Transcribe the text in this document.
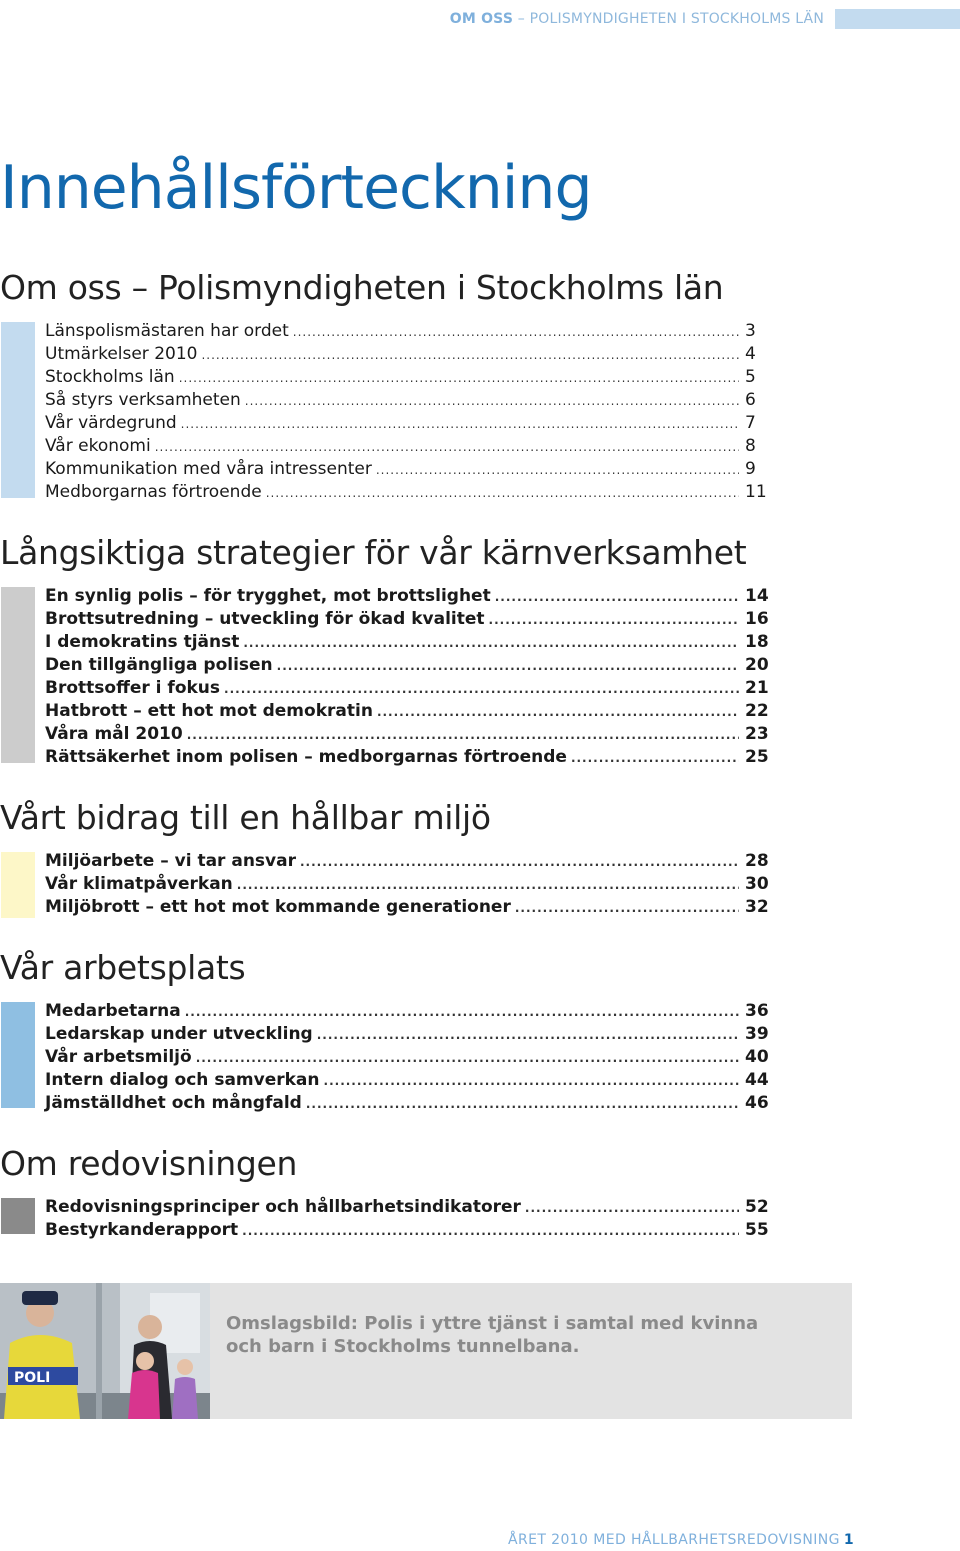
OM OSS – POLISMYNDIGHETEN I STOCKHOLMS LÄN
Innehållsförteckning
Om oss – Polismyndigheten i Stockholms län
Länspolismästaren har ordet .....	3
Utmärkelser 2010 .....	4
Stockholms län .....	5
Så styrs verksamheten .....	6
Vår värdegrund .....	7
Vår ekonomi .....	8
Kommunikation med våra intressenter .....	9
Medborgarnas förtroende .....	11
Långsiktiga strategier för vår kärnverksamhet
En synlig polis – för trygghet, mot brottslighet .....	14
Brottsutredning – utveckling för ökad kvalitet .....	16
I demokratins tjänst .....	18
Den tillgängliga polisen .....	20
Brottsoffer i fokus .....	21
Hatbrott – ett hot mot demokratin .....	22
Våra mål 2010 .....	23
Rättsäkerhet inom polisen – medborgarnas förtroende .....	25
Vårt bidrag till en hållbar miljö
Miljöarbete – vi tar ansvar .....	28
Vår klimatpåverkan .....	30
Miljöbrott – ett hot mot kommande generationer .....	32
Vår arbetsplats
Medarbetarna .....	36
Ledarskap under utveckling .....	39
Vår arbetsmiljö .....	40
Intern dialog och samverkan .....	44
Jämställdhet och mångfald .....	46
Om redovisningen
Redovisningsprinciper och hållbarhetsindikatorer .....	52
Bestyrkanderapport .....	55
POLI

Omslagsbild: Polis i yttre tjänst i samtal med kvinna och barn i Stockholms tunnelbana.

ÅRET 2010 MED HÅLLBARHETSREDOVISNING 1
